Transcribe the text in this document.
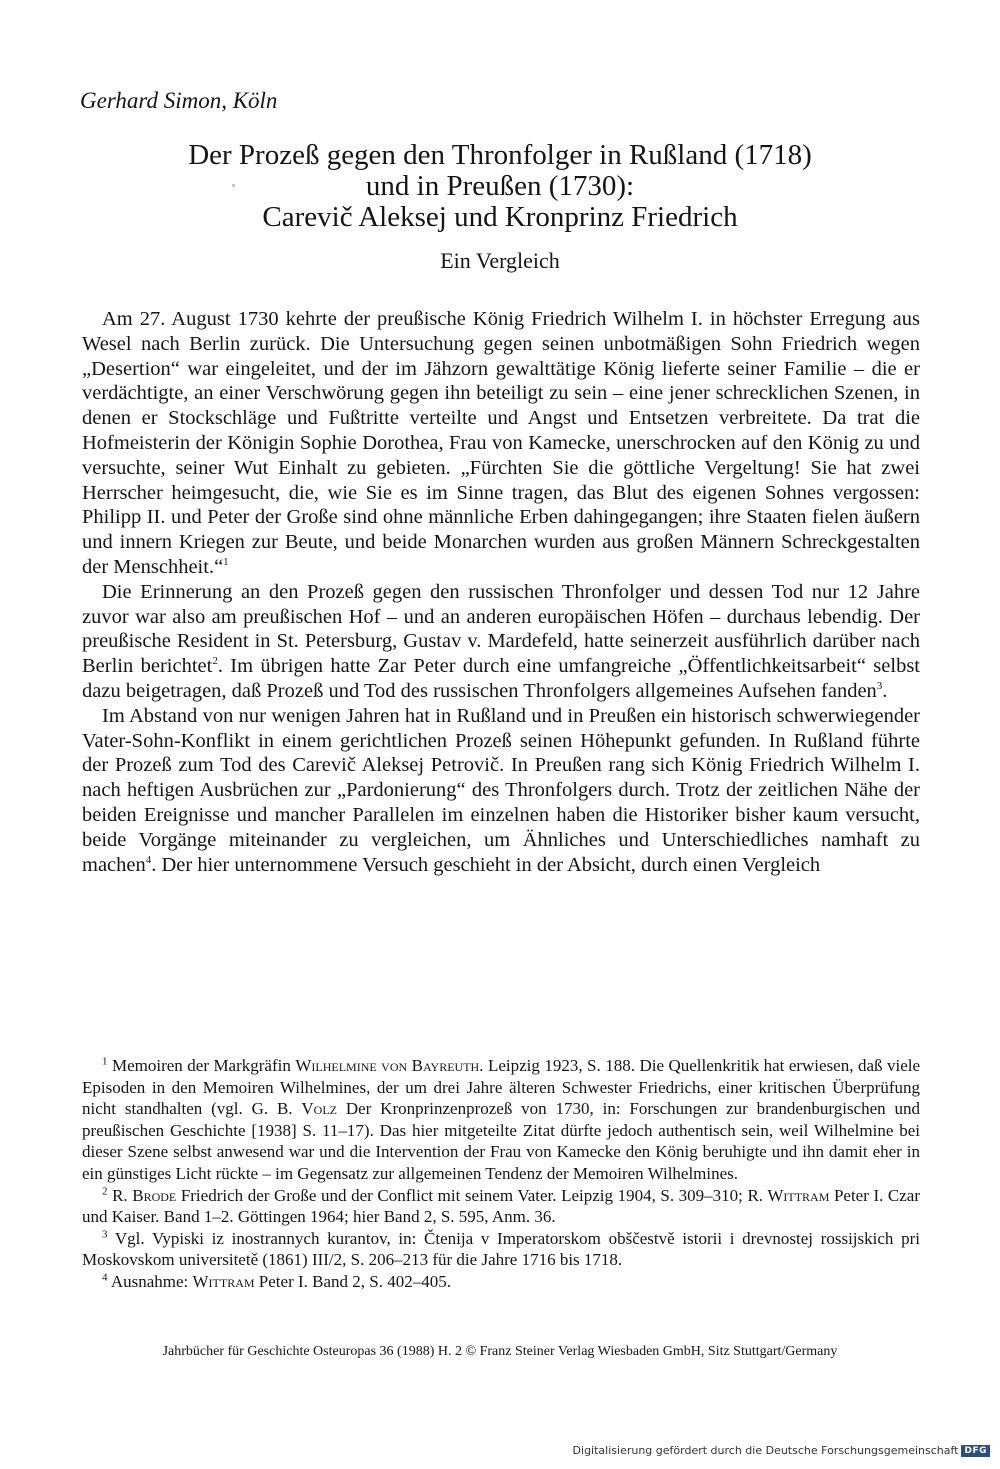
Gerhard Simon, Köln
Der Prozeß gegen den Thronfolger in Rußland (1718)
und in Preußen (1730):
Carevič Aleksej und Kronprinz Friedrich
Ein Vergleich

Am 27. August 1730 kehrte der preußische König Friedrich Wilhelm I. in höchster Erregung aus Wesel nach Berlin zurück. Die Untersuchung gegen seinen unbotmäßigen Sohn Friedrich wegen „Desertion“ war eingeleitet, und der im Jähzorn gewalttätige König lieferte seiner Familie – die er verdächtigte, an einer Verschwörung gegen ihn beteiligt zu sein – eine jener schrecklichen Szenen, in denen er Stockschläge und Fußtritte verteilte und Angst und Entsetzen verbreitete. Da trat die Hofmeisterin der Königin Sophie Dorothea, Frau von Kamecke, unerschrocken auf den König zu und versuchte, seiner Wut Einhalt zu gebieten. „Fürchten Sie die göttliche Vergeltung! Sie hat zwei Herrscher heimgesucht, die, wie Sie es im Sinne tragen, das Blut des eigenen Sohnes vergossen: Philipp II. und Peter der Große sind ohne männliche Erben dahingegangen; ihre Staaten fielen äußern und innern Kriegen zur Beute, und beide Monarchen wurden aus großen Männern Schreckgestalten der Menschheit.“$^1$

Die Erinnerung an den Prozeß gegen den russischen Thronfolger und dessen Tod nur 12 Jahre zuvor war also am preußischen Hof – und an anderen europäischen Höfen – durchaus lebendig. Der preußische Resident in St. Petersburg, Gustav v. Mardefeld, hatte seinerzeit ausführlich darüber nach Berlin berichtet$^2$. Im übrigen hatte Zar Peter durch eine umfangreiche „Öffentlichkeitsarbeit“ selbst dazu beigetragen, daß Prozeß und Tod des russischen Thronfolgers allgemeines Aufsehen fanden$^3$.

Im Abstand von nur wenigen Jahren hat in Rußland und in Preußen ein historisch schwerwiegender Vater-Sohn-Konflikt in einem gerichtlichen Prozeß seinen Höhepunkt gefunden. In Rußland führte der Prozeß zum Tod des Carevič Aleksej Petrovič. In Preußen rang sich König Friedrich Wilhelm I. nach heftigen Ausbrüchen zur „Pardonierung“ des Thronfolgers durch. Trotz der zeitlichen Nähe der beiden Ereignisse und mancher Parallelen im einzelnen haben die Historiker bisher kaum versucht, beide Vorgänge miteinander zu vergleichen, um Ähnliches und Unterschiedliches namhaft zu machen$^4$. Der hier unternommene Versuch geschieht in der Absicht, durch einen Vergleich

$^1$ Memoiren der Markgräfin Wilhelmine von Bayreuth. Leipzig 1923, S. 188. Die Quellenkritik hat erwiesen, daß viele Episoden in den Memoiren Wilhelmines, der um drei Jahre älteren Schwester Friedrichs, einer kritischen Überprüfung nicht standhalten (vgl. G. B. Volz Der Kronprinzenprozeß von 1730, in: Forschungen zur brandenburgischen und preußischen Geschichte [1938] S. 11–17). Das hier mitgeteilte Zitat dürfte jedoch authentisch sein, weil Wilhelmine bei dieser Szene selbst anwesend war und die Intervention der Frau von Kamecke den König beruhigte und ihn damit eher in ein günstiges Licht rückte – im Gegensatz zur allgemeinen Tendenz der Memoiren Wilhelmines.

$^2$ R. Brode Friedrich der Große und der Conflict mit seinem Vater. Leipzig 1904, S. 309–310; R. Wittram Peter I. Czar und Kaiser. Band 1–2. Göttingen 1964; hier Band 2, S. 595, Anm. 36.

$^3$ Vgl. Vypiski iz inostrannych kurantov, in: Čtenija v Imperatorskom obščestvě istorii i drevnostej rossijskich pri Moskovskom universitetě (1861) III/2, S. 206–213 für die Jahre 1716 bis 1718.

$^4$ Ausnahme: Wittram Peter I. Band 2, S. 402–405.

Jahrbücher für Geschichte Osteuropas 36 (1988) H. 2 © Franz Steiner Verlag Wiesbaden GmbH, Sitz Stuttgart/Germany
Digitalisierung gefördert durch die Deutsche Forschungsgemeinschaft DFG
